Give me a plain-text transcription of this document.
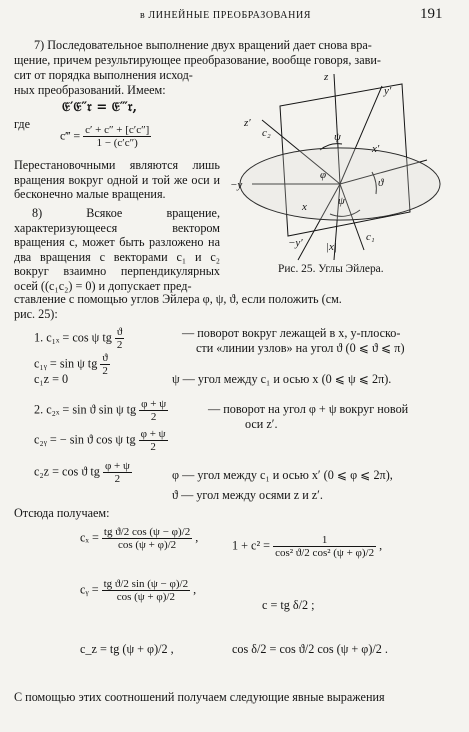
в ЛИНЕЙНЫЕ ПРЕОБРАЗОВАНИЯ	191
7) Последовательное выполнение двух вращений дает снова вра-
щение, причем результирующее преобразование, вообще говоря, зави-
сит от порядка выполнения исход-
ных преобразований. Имеем:
𝔈′𝔈″𝔯 = 𝔈‴𝔯,
где
c‴ = $\frac{c' + c'' + [c'c'']}{1 - (c'c'')}$
Перестановочными являются лишь вращения вокруг одной и той же оси и бесконечно малые вращения.
8) Всякое вращение, характеризующееся вектором вращения c, может быть разложено на два вращения с векторами c₁ и c₂ вокруг взаимно перпендикулярных осей ((c₁c₂) = 0) и допускает пред-
ставление с помощью углов Эйлера φ, ψ, ϑ, если положить (см.
рис. 25):
z
y′
z′
c₂
x′
ψ
ϑ
φ
ψ
x
−y
−y′ |x|
c₁
Рис. 25. Углы Эйлера.
1. c₁ₓ = cos ψ tg $\frac{ϑ}{2}$	— поворот вокруг лежащей в x, y-плоско-
сти «линии узлов» на угол ϑ (0 ⩽ ϑ ⩽ π)
c₁ᵧ = sin ψ tg $\frac{ϑ}{2}$
c₁z = 0	ψ — угол между c₁ и осью x (0 ⩽ ψ ⩽ 2π).
2. c₂ₓ = sin ϑ sin ψ tg $\frac{\varphi + \psi}{2}$	— поворот на угол φ + ψ вокруг новой
оси z′.
c₂ᵧ = − sin ϑ cos ψ tg $\frac{\varphi + \psi}{2}$
c₂z = cos ϑ tg $\frac{\varphi + \psi}{2}$	φ — угол между c₁ и осью x′ (0 ⩽ φ ⩽ 2π),
ϑ — угол между осями z и z′.
Отсюда получаем:
$c_x = \frac{\text{tg ϑ/2 cos (ψ − φ)/2}}{\cos (\psi + \varphi)/2}$ ,
$1 + c^2 = \frac{1}{\text{cos² ϑ/2 cos² (ψ + φ)/2}}$ ,
cᵧ = $\frac{\text{tg ϑ/2 sin (ψ − φ)/2}}{\cos (\psi + \varphi)/2}$ ,
c = tg δ/2 ;
c_z = tg (ψ + φ)/2 ,	cos δ/2 = cos ϑ/2 cos (ψ + φ)/2 .
С помощью этих соотношений получаем следующие явные выражения
